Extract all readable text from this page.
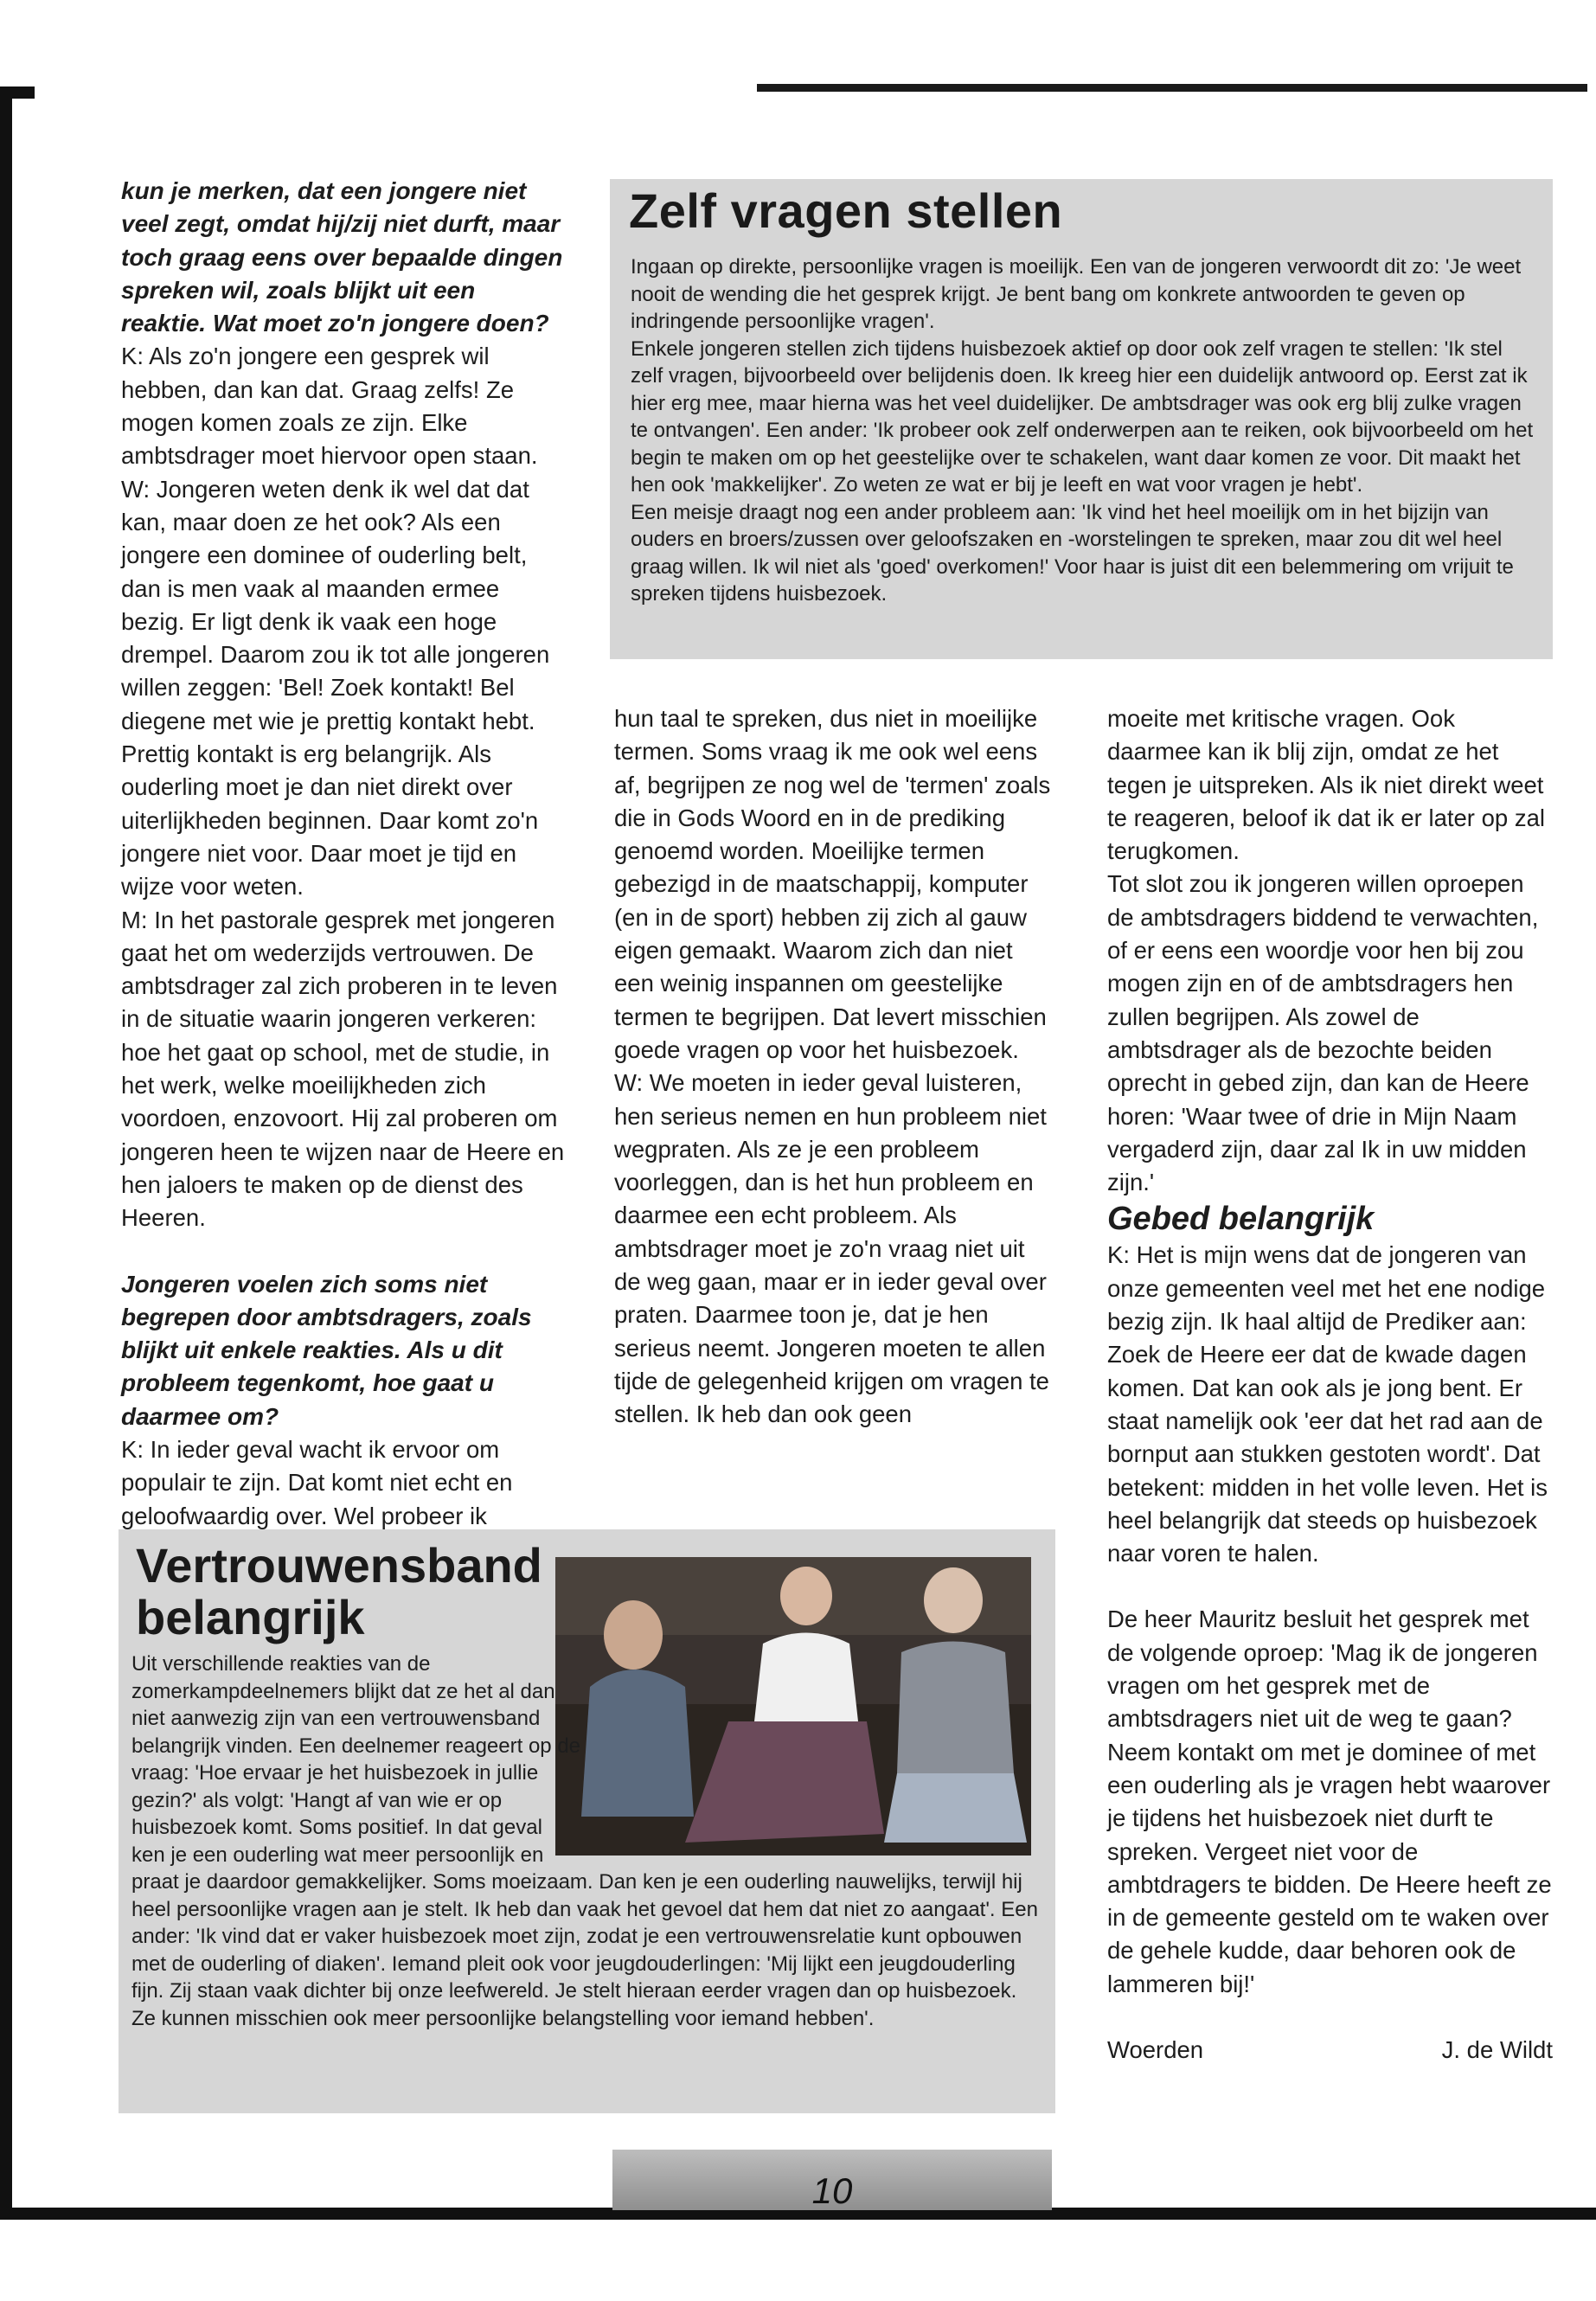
kun je merken, dat een jongere niet veel zegt, omdat hij/zij niet durft, maar toch graag eens over bepaalde dingen spreken wil, zoals blijkt uit een reaktie. Wat moet zo'n jongere doen?

K: Als zo'n jongere een gesprek wil hebben, dan kan dat. Graag zelfs! Ze mogen komen zoals ze zijn. Elke ambtsdrager moet hiervoor open staan.

W: Jongeren weten denk ik wel dat dat kan, maar doen ze het ook? Als een jongere een dominee of ouderling belt, dan is men vaak al maanden ermee bezig. Er ligt denk ik vaak een hoge drempel. Daarom zou ik tot alle jongeren willen zeggen: 'Bel! Zoek kontakt! Bel diegene met wie je prettig kontakt hebt. Prettig kontakt is erg belangrijk. Als ouderling moet je dan niet direkt over uiterlijkheden beginnen. Daar komt zo'n jongere niet voor. Daar moet je tijd en wijze voor weten.

M: In het pastorale gesprek met jongeren gaat het om wederzijds vertrouwen. De ambtsdrager zal zich proberen in te leven in de situatie waarin jongeren verkeren: hoe het gaat op school, met de studie, in het werk, welke moeilijkheden zich voordoen, enzovoort. Hij zal proberen om jongeren heen te wijzen naar de Heere en hen jaloers te maken op de dienst des Heeren.

Jongeren voelen zich soms niet begrepen door ambtsdragers, zoals blijkt uit enkele reakties. Als u dit probleem tegenkomt, hoe gaat u daarmee om?

K: In ieder geval wacht ik ervoor om populair te zijn. Dat komt niet echt en geloofwaardig over. Wel probeer ik

Zelf vragen stellen

Ingaan op direkte, persoonlijke vragen is moeilijk. Een van de jongeren verwoordt dit zo: 'Je weet nooit de wending die het gesprek krijgt. Je bent bang om konkrete antwoorden te geven op indringende persoonlijke vragen'.

Enkele jongeren stellen zich tijdens huisbezoek aktief op door ook zelf vragen te stellen: 'Ik stel zelf vragen, bijvoorbeeld over belijdenis doen. Ik kreeg hier een duidelijk antwoord op. Eerst zat ik hier erg mee, maar hierna was het veel duidelijker. De ambtsdrager was ook erg blij zulke vragen te ontvangen'. Een ander: 'Ik probeer ook zelf onderwerpen aan te reiken, ook bijvoorbeeld om het begin te maken om op het geestelijke over te schakelen, want daar komen ze voor. Dit maakt het hen ook 'makkelijker'. Zo weten ze wat er bij je leeft en wat voor vragen je hebt'.

Een meisje draagt nog een ander probleem aan: 'Ik vind het heel moeilijk om in het bijzijn van ouders en broers/zussen over geloofszaken en -worstelingen te spreken, maar zou dit wel heel graag willen. Ik wil niet als 'goed' overkomen!' Voor haar is juist dit een belemmering om vrijuit te spreken tijdens huisbezoek.

hun taal te spreken, dus niet in moeilijke termen. Soms vraag ik me ook wel eens af, begrijpen ze nog wel de 'termen' zoals die in Gods Woord en in de prediking genoemd worden. Moeilijke termen gebezigd in de maatschappij, komputer (en in de sport) hebben zij zich al gauw eigen gemaakt. Waarom zich dan niet een weinig inspannen om geestelijke termen te begrijpen. Dat levert misschien goede vragen op voor het huisbezoek.

W: We moeten in ieder geval luisteren, hen serieus nemen en hun probleem niet wegpraten. Als ze je een probleem voorleggen, dan is het hun probleem en daarmee een echt probleem. Als ambtsdrager moet je zo'n vraag niet uit de weg gaan, maar er in ieder geval over praten. Daarmee toon je, dat je hen serieus neemt. Jongeren moeten te allen tijde de gelegenheid krijgen om vragen te stellen. Ik heb dan ook geen

moeite met kritische vragen. Ook daarmee kan ik blij zijn, omdat ze het tegen je uitspreken. Als ik niet direkt weet te reageren, beloof ik dat ik er later op zal terugkomen.

Tot slot zou ik jongeren willen oproepen de ambtsdragers biddend te verwachten, of er eens een woordje voor hen bij zou mogen zijn en of de ambtsdragers hen zullen begrijpen. Als zowel de ambtsdrager als de bezochte beiden oprecht in gebed zijn, dan kan de Heere horen: 'Waar twee of drie in Mijn Naam vergaderd zijn, daar zal Ik in uw midden zijn.'

Gebed belangrijk

K: Het is mijn wens dat de jongeren van onze gemeenten veel met het ene nodige bezig zijn. Ik haal altijd de Prediker aan: Zoek de Heere eer dat de kwade dagen komen. Dat kan ook als je jong bent. Er staat namelijk ook 'eer dat het rad aan de bornput aan stukken gestoten wordt'. Dat betekent: midden in het volle leven. Het is heel belangrijk dat steeds op huisbezoek naar voren te halen.

De heer Mauritz besluit het gesprek met de volgende oproep: 'Mag ik de jongeren vragen om het gesprek met de ambtsdragers niet uit de weg te gaan? Neem kontakt om met je dominee of met een ouderling als je vragen hebt waarover je tijdens het huisbezoek niet durft te spreken. Vergeet niet voor de ambtdragers te bidden. De Heere heeft ze in de gemeente gesteld om te waken over de gehele kudde, daar behoren ook de lammeren bij!'

Woerden	J. de Wildt
Vertrouwensband belangrijk
Uit verschillende reakties van de zomerkampdeelnemers blijkt dat ze het al dan niet aanwezig zijn van een vertrouwensband belangrijk vinden. Een deelnemer reageert op de vraag: 'Hoe ervaar je het huisbezoek in jullie gezin?' als volgt: 'Hangt af van wie er op huisbezoek komt. Soms positief. In dat geval ken je een ouderling wat meer persoonlijk en praat je daardoor gemakkelijker. Soms moeizaam. Dan ken je een ouderling nauwelijks, terwijl hij heel persoonlijke vragen aan je stelt. Ik heb dan vaak het gevoel dat hem dat niet zo aangaat'. Een ander: 'Ik vind dat er vaker huisbezoek moet zijn, zodat je een vertrouwensrelatie kunt opbouwen met de ouderling of diaken'. Iemand pleit ook voor jeugdouderlingen: 'Mij lijkt een jeugdouderling fijn. Zij staan vaak dichter bij onze leefwereld. Je stelt hieraan eerder vragen dan op huisbezoek. Ze kunnen misschien ook meer persoonlijke belangstelling voor iemand hebben'.
10
